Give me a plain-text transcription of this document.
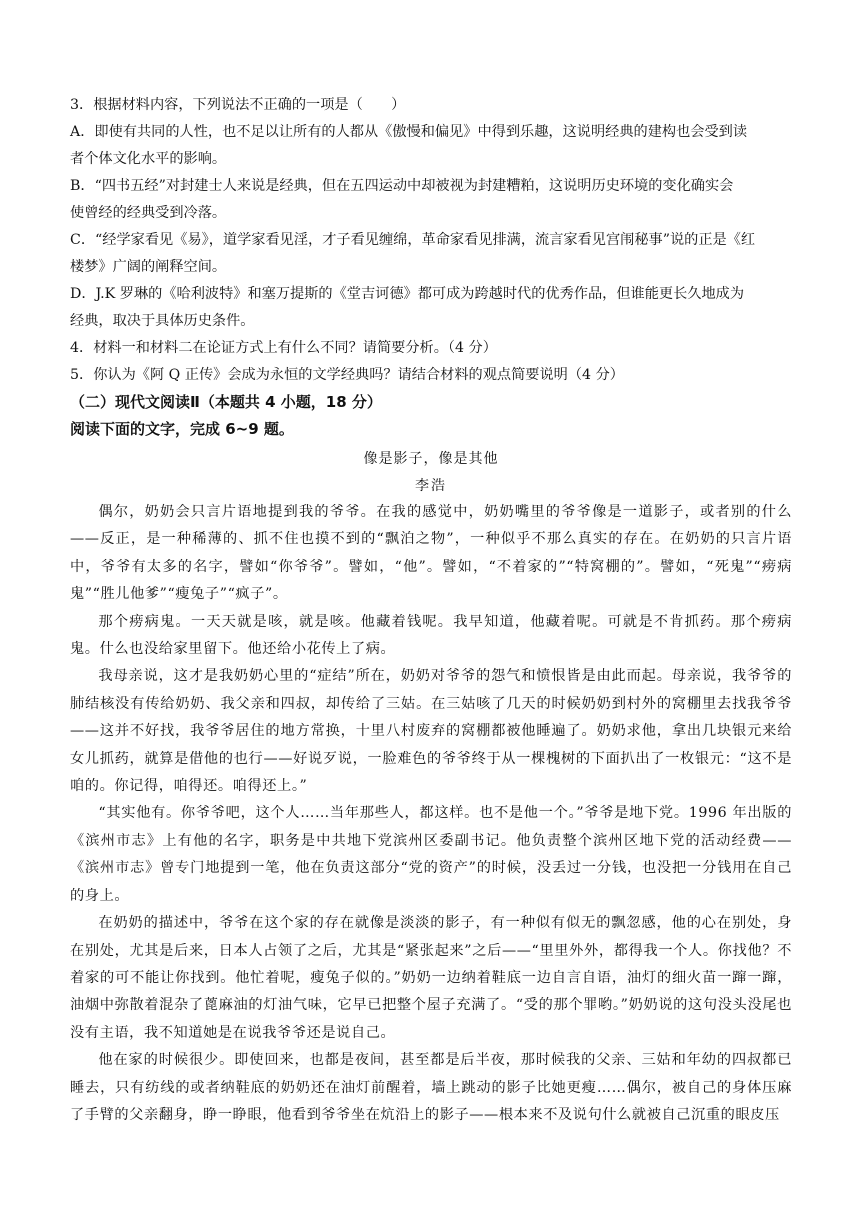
3．根据材料内容，下列说法不正确的一项是（　　）
A．即使有共同的人性，也不足以让所有的人都从《傲慢和偏见》中得到乐趣，这说明经典的建构也会受到读
者个体文化水平的影响。
B．“四书五经”对封建士人来说是经典，但在五四运动中却被视为封建糟粕，这说明历史环境的变化确实会
使曾经的经典受到冷落。
C．“经学家看见《易》，道学家看见淫，才子看见缠绵，革命家看见排满，流言家看见宫闱秘事”说的正是《红
楼梦》广阔的阐释空间。
D．J.K 罗琳的《哈利波特》和塞万提斯的《堂吉诃德》都可成为跨越时代的优秀作品，但谁能更长久地成为
经典，取决于具体历史条件。
4．材料一和材料二在论证方式上有什么不同？请简要分析。（4 分）
5．你认为《阿 Q 正传》会成为永恒的文学经典吗？请结合材料的观点简要说明（4 分）

（二）现代文阅读Ⅱ（本题共 4 小题，18 分）

阅读下面的文字，完成 6~9 题。

像是影子，像是其他

李浩

偶尔，奶奶会只言片语地提到我的爷爷。在我的感觉中，奶奶嘴里的爷爷像是一道影子，或者别的什么——反正，是一种稀薄的、抓不住也摸不到的“飘泊之物”，一种似乎不那么真实的存在。在奶奶的只言片语中，爷爷有太多的名字，譬如“你爷爷”。譬如，“他”。譬如，“不着家的”“特窝棚的”。譬如，“死鬼”“痨病鬼”“胜儿他爹”“瘦兔子”“疯子”。

那个痨病鬼。一天天就是咳，就是咳。他藏着钱呢。我早知道，他藏着呢。可就是不肯抓药。那个痨病鬼。什么也没给家里留下。他还给小花传上了病。

我母亲说，这才是我奶奶心里的“症结”所在，奶奶对爷爷的怨气和愤恨皆是由此而起。母亲说，我爷爷的肺结核没有传给奶奶、我父亲和四叔，却传给了三姑。在三姑咳了几天的时候奶奶到村外的窝棚里去找我爷爷——这并不好找，我爷爷居住的地方常换，十里八村废弃的窝棚都被他睡遍了。奶奶求他，拿出几块银元来给女儿抓药，就算是借他的也行——好说歹说，一脸难色的爷爷终于从一棵槐树的下面扒出了一枚银元：“这不是咱的。你记得，咱得还。咱得还上。”

“其实他有。你爷爷吧，这个人……当年那些人，都这样。也不是他一个。”爷爷是地下党。1996 年出版的《滨州市志》上有他的名字，职务是中共地下党滨州区委副书记。他负责整个滨州区地下党的活动经费——《滨州市志》曾专门地提到一笔，他在负责这部分“党的资产”的时候，没丢过一分钱，也没把一分钱用在自己的身上。

在奶奶的描述中，爷爷在这个家的存在就像是淡淡的影子，有一种似有似无的飘忽感，他的心在别处，身在别处，尤其是后来，日本人占领了之后，尤其是“紧张起来”之后——“里里外外，都得我一个人。你找他？不着家的可不能让你找到。他忙着呢，瘦兔子似的。”奶奶一边纳着鞋底一边自言自语，油灯的细火苗一蹿一蹿，油烟中弥散着混杂了蓖麻油的灯油气味，它早已把整个屋子充满了。“受的那个罪哟。”奶奶说的这句没头没尾也没有主语，我不知道她是在说我爷爷还是说自己。

他在家的时候很少。即使回来，也都是夜间，甚至都是后半夜，那时候我的父亲、三姑和年幼的四叔都已睡去，只有纺线的或者纳鞋底的奶奶还在油灯前醒着，墙上跳动的影子比她更瘦……偶尔，被自己的身体压麻了手臂的父亲翻身，睁一睁眼，他看到爷爷坐在炕沿上的影子——根本来不及说句什么就被自己沉重的眼皮压
